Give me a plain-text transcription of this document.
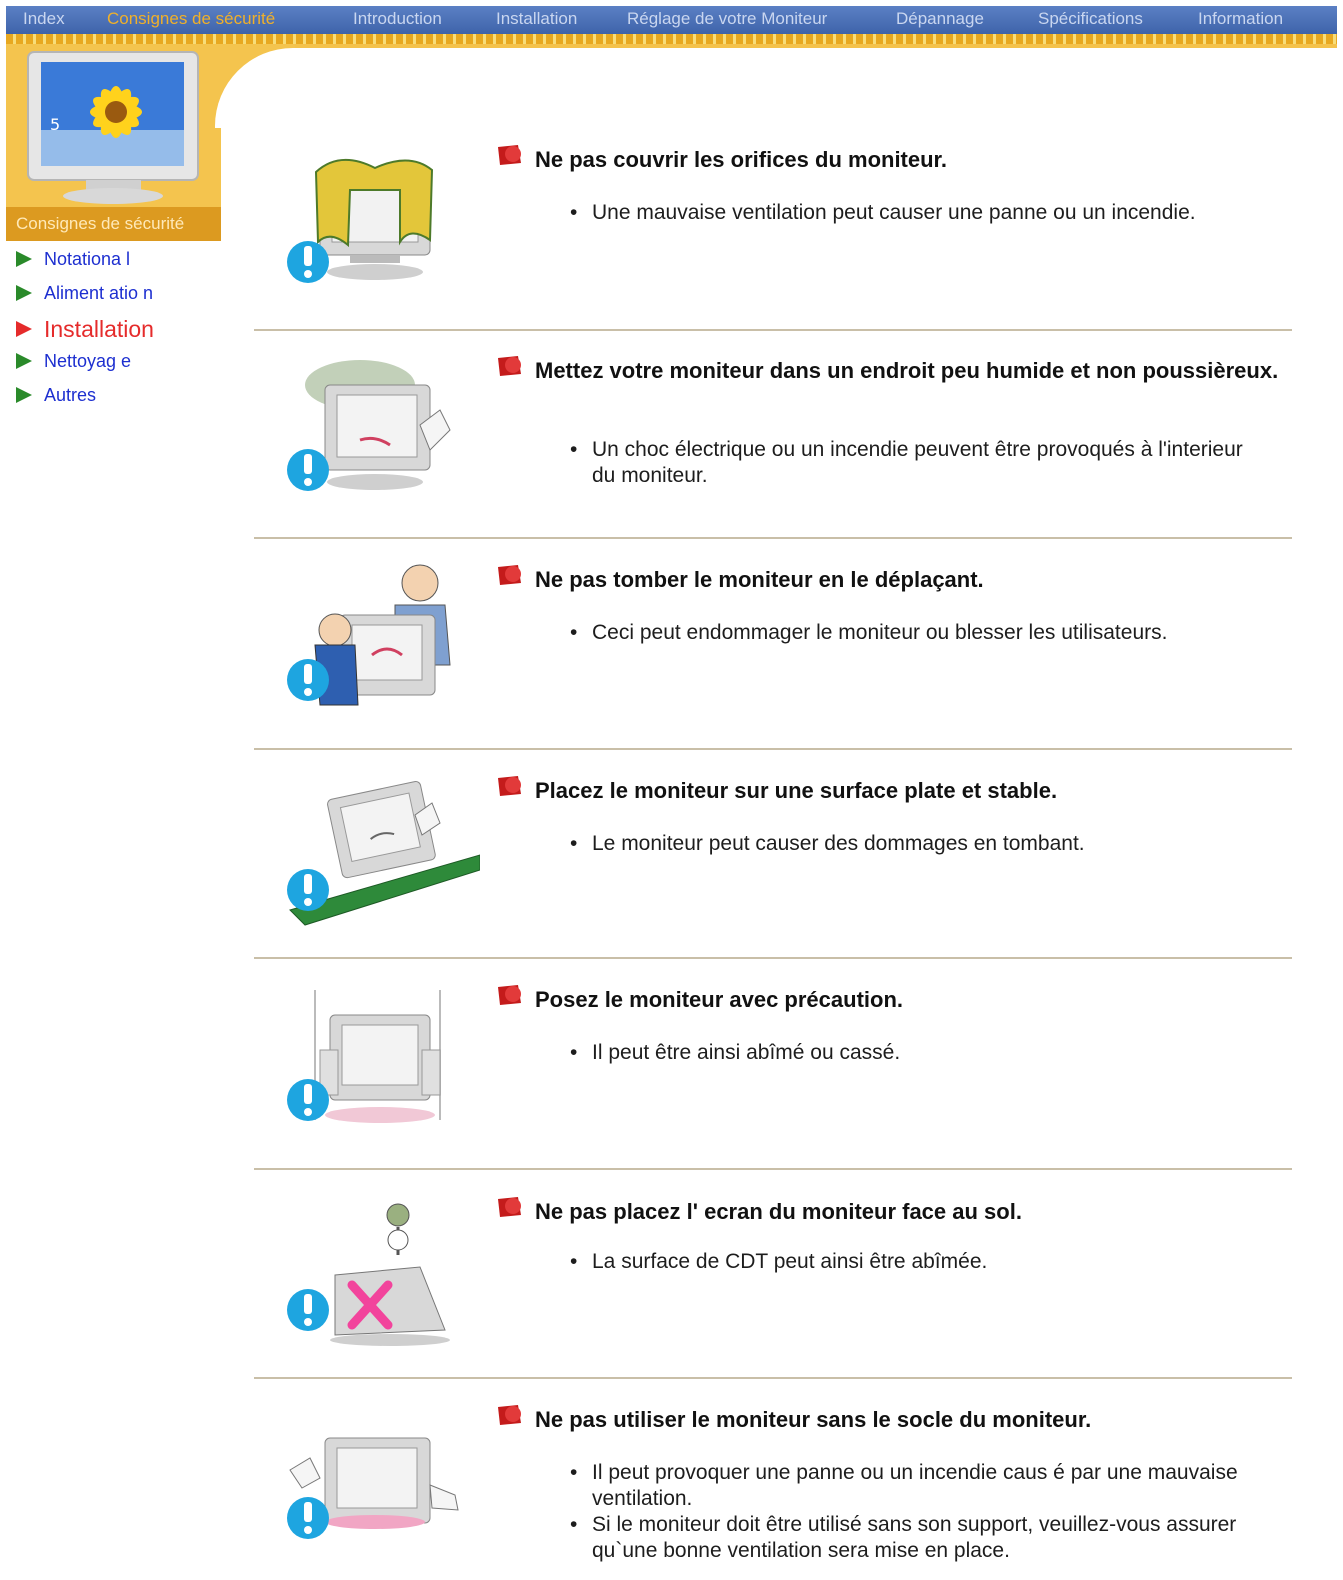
Index Consignes de sécurité	Introduction	Installation	Réglage de votre Moniteur	Dépannage	Spécifications	Information
5
Consignes de sécurité
Notationa l
Aliment atio n
Installation
Nettoyag e
Autres
Ne pas couvrir les orifices du moniteur.
• Une mauvaise ventilation peut causer une panne ou un incendie.
Mettez votre moniteur dans un endroit peu humide et non poussièreux.
• Un choc électrique ou un incendie peuvent être provoqués à l'interieur du moniteur.
Ne pas tomber le moniteur en le déplaçant.
• Ceci peut endommager le moniteur ou blesser les utilisateurs.
Placez le moniteur sur une surface plate et stable.
• Le moniteur peut causer des dommages en tombant.
Posez le moniteur avec précaution.
• Il peut être ainsi abîmé ou cassé.
Ne pas placez l' ecran du moniteur face au sol.
• La surface de CDT peut ainsi être abîmée.
Ne pas utiliser le moniteur sans le socle du moniteur.
• Il peut provoquer une panne ou un incendie caus é par une mauvaise ventilation.
• Si le moniteur doit être utilisé sans son support, veuillez-vous assurer qu`une bonne ventilation sera mise en place.
